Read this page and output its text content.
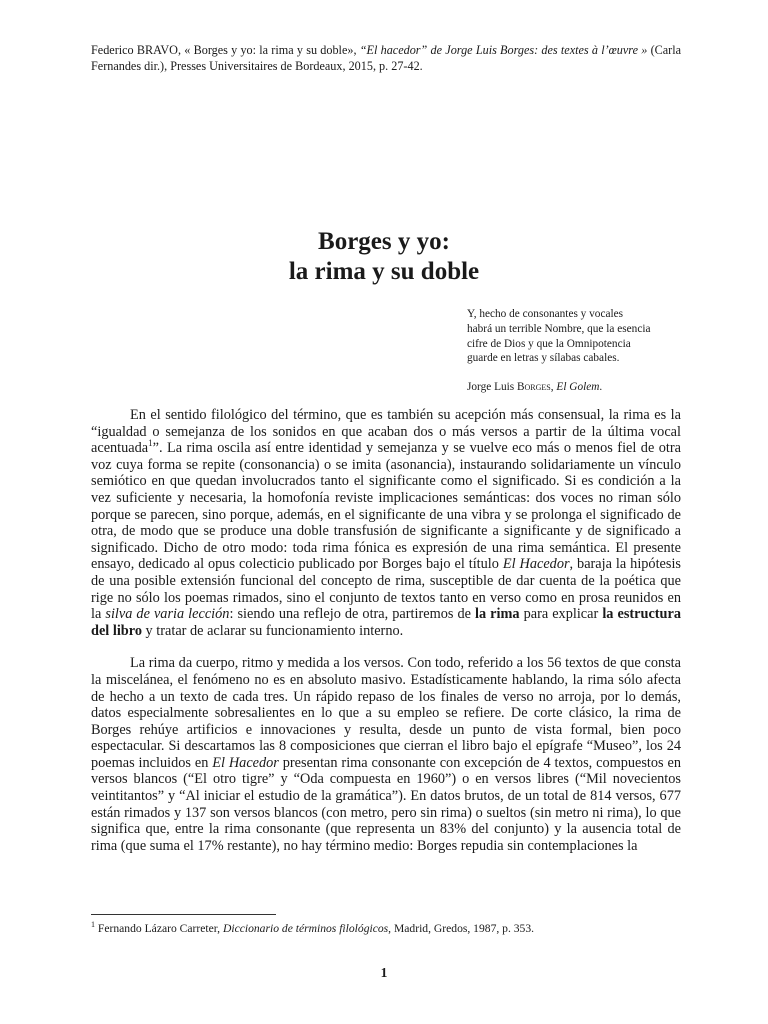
Federico BRAVO, « Borges y yo: la rima y su doble», “El hacedor” de Jorge Luis Borges: des textes à l’œuvre » (Carla Fernandes dir.), Presses Universitaires de Bordeaux, 2015, p. 27-42.
Borges y yo:
la rima y su doble
Y, hecho de consonantes y vocales
habrá un terrible Nombre, que la esencia
cifre de Dios y que la Omnipotencia
guarde en letras y sílabas cabales.
Jorge Luis Borges, El Golem.

En el sentido filológico del término, que es también su acepción más consensual, la rima es la “igualdad o semejanza de los sonidos en que acaban dos o más versos a partir de la última vocal acentuada$^1$”. La rima oscila así entre identidad y semejanza y se vuelve eco más o menos fiel de otra voz cuya forma se repite (consonancia) o se imita (asonancia), instaurando solidariamente un vínculo semiótico en que quedan involucrados tanto el significante como el significado. Si es condición a la vez suficiente y necesaria, la homofonía reviste implicaciones semánticas: dos voces no riman sólo porque se parecen, sino porque, además, en el significante de una vibra y se prolonga el significado de otra, de modo que se produce una doble transfusión de significante a significante y de significado a significado. Dicho de otro modo: toda rima fónica es expresión de una rima semántica. El presente ensayo, dedicado al opus colecticio publicado por Borges bajo el título El Hacedor, baraja la hipótesis de una posible extensión funcional del concepto de rima, susceptible de dar cuenta de la poética que rige no sólo los poemas rimados, sino el conjunto de textos tanto en verso como en prosa reunidos en la silva de varia lección: siendo una reflejo de otra, partiremos de la rima para explicar la estructura del libro y tratar de aclarar su funcionamiento interno.

La rima da cuerpo, ritmo y medida a los versos. Con todo, referido a los 56 textos de que consta la miscelánea, el fenómeno no es en absoluto masivo. Estadísticamente hablando, la rima sólo afecta de hecho a un texto de cada tres. Un rápido repaso de los finales de verso no arroja, por lo demás, datos especialmente sobresalientes en lo que a su empleo se refiere. De corte clásico, la rima de Borges rehúye artificios e innovaciones y resulta, desde un punto de vista formal, bien poco espectacular. Si descartamos las 8 composiciones que cierran el libro bajo el epígrafe “Museo”, los 24 poemas incluidos en El Hacedor presentan rima consonante con excepción de 4 textos, compuestos en versos blancos (“El otro tigre” y “Oda compuesta en 1960”) o en versos libres (“Mil novecientos veintitantos” y “Al iniciar el estudio de la gramática”). En datos brutos, de un total de 814 versos, 677 están rimados y 137 son versos blancos (con metro, pero sin rima) o sueltos (sin metro ni rima), lo que significa que, entre la rima consonante (que representa un 83% del conjunto) y la ausencia total de rima (que suma el 17% restante), no hay término medio: Borges repudia sin contemplaciones la

$^1$ Fernando Lázaro Carreter, Diccionario de términos filológicos, Madrid, Gredos, 1987, p. 353.
1
